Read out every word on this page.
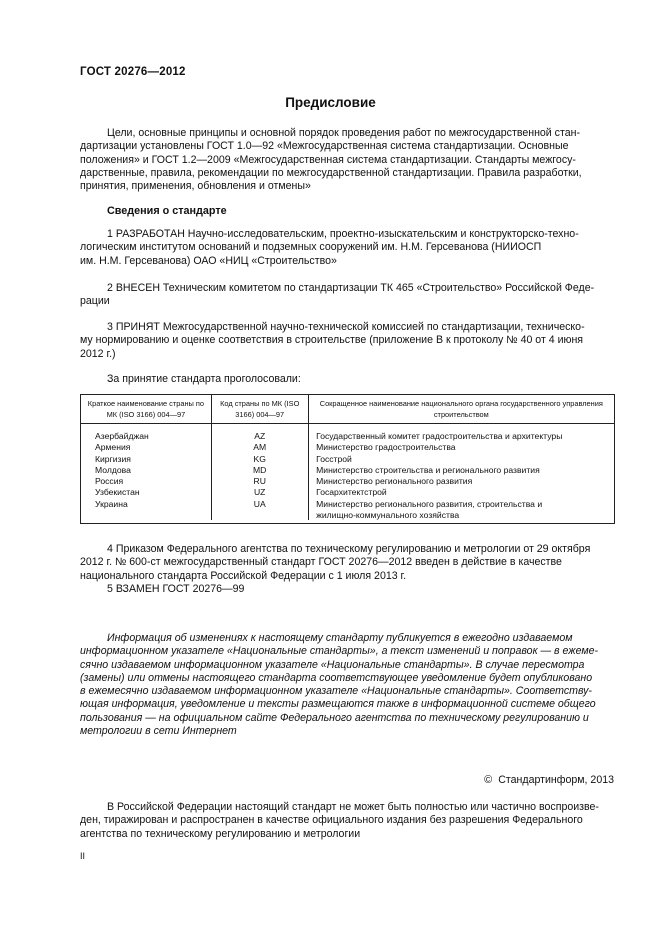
ГОСТ 20276—2012
Предисловие
Цели, основные принципы и основной порядок проведения работ по межгосударственной стан-
дартизации установлены ГОСТ 1.0—92 «Межгосударственная система стандартизации. Основные
положения» и ГОСТ 1.2—2009 «Межгосударственная система стандартизации. Стандарты межгосу-
дарственные, правила, рекомендации по межгосударственной стандартизации. Правила разработки,
принятия, применения, обновления и отмены»
Сведения о стандарте
1 РАЗРАБОТАН Научно-исследовательским, проектно-изыскательским и конструкторско-техно-
логическим институтом оснований и подземных сооружений им. Н.М. Герсеванова (НИИОСП
им. Н.М. Герсеванова) ОАО «НИЦ «Строительство»
2 ВНЕСЕН Техническим комитетом по стандартизации ТК 465 «Строительство» Российской Феде-
рации
3 ПРИНЯТ Межгосударственной научно-технической комиссией по стандартизации, техническо-
му нормированию и оценке соответствия в строительстве (приложение В к протоколу № 40 от 4 июня
2012 г.)
За принятие стандарта проголосовали:
Краткое наименование страны по МК (ISO 3166) 004—97	Код страны по МК (ISO 3166) 004—97	Сокращенное наименование национального органа государственного управления строительством
Азербайджан	AZ	Государственный комитет градостроительства и архитектуры
Армения	AM	Министерство градостроительства
Киргизия	KG	Госстрой
Молдова	MD	Министерство строительства и регионального развития
Россия	RU	Министерство регионального развития
Узбекистан	UZ	Госархитектстрой
Украина	UA	Министерство регионального развития, строительства и
		жилищно-коммунального хозяйства
4 Приказом Федерального агентства по техническому регулированию и метрологии от 29 октября
2012 г. № 600-ст межгосударственный стандарт ГОСТ 20276—2012 введен в действие в качестве
национального стандарта Российской Федерации с 1 июля 2013 г.
5 ВЗАМЕН ГОСТ 20276—99
Информация об изменениях к настоящему стандарту публикуется в ежегодно издаваемом
информационном указателе «Национальные стандарты», а текст изменений и поправок — в ежеме-
сячно издаваемом информационном указателе «Национальные стандарты». В случае пересмотра
(замены) или отмены настоящего стандарта соответствующее уведомление будет опубликовано
в ежемесячно издаваемом информационном указателе «Национальные стандарты». Соответству-
ющая информация, уведомление и тексты размещаются также в информационной системе общего
пользования — на официальном сайте Федерального агентства по техническому регулированию и
метрологии в сети Интернет
© Стандартинформ, 2013
В Российской Федерации настоящий стандарт не может быть полностью или частично воспроизве-
ден, тиражирован и распространен в качестве официального издания без разрешения Федерального
агентства по техническому регулированию и метрологии
II
